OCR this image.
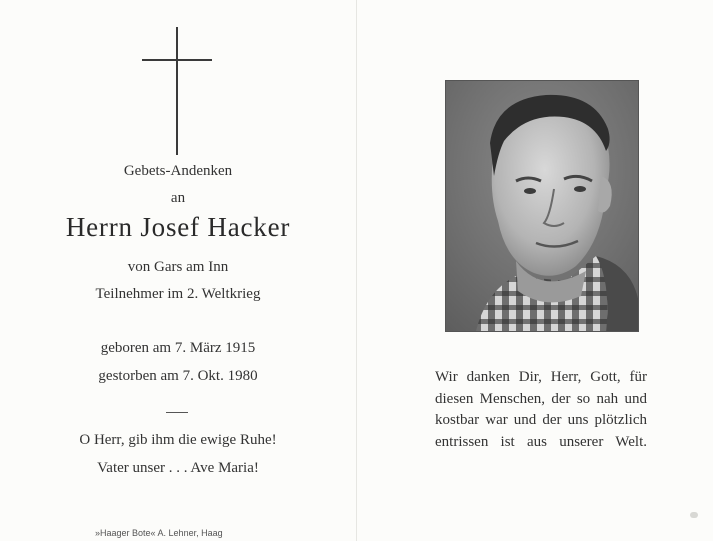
Gebets-Andenken
an
Herrn Josef Hacker
von Gars am Inn
Teilnehmer im 2. Weltkrieg
geboren am 7. März 1915
gestorben am 7. Okt. 1980
O Herr, gib ihm die ewige Ruhe!
Vater unser . . . Ave Maria!
»Haager Bote« A. Lehner, Haag
Wir danken Dir, Herr, Gott, für
diesen Menschen, der so nah und
kostbar war und der uns plötzlich
entrissen ist aus unserer Welt.
